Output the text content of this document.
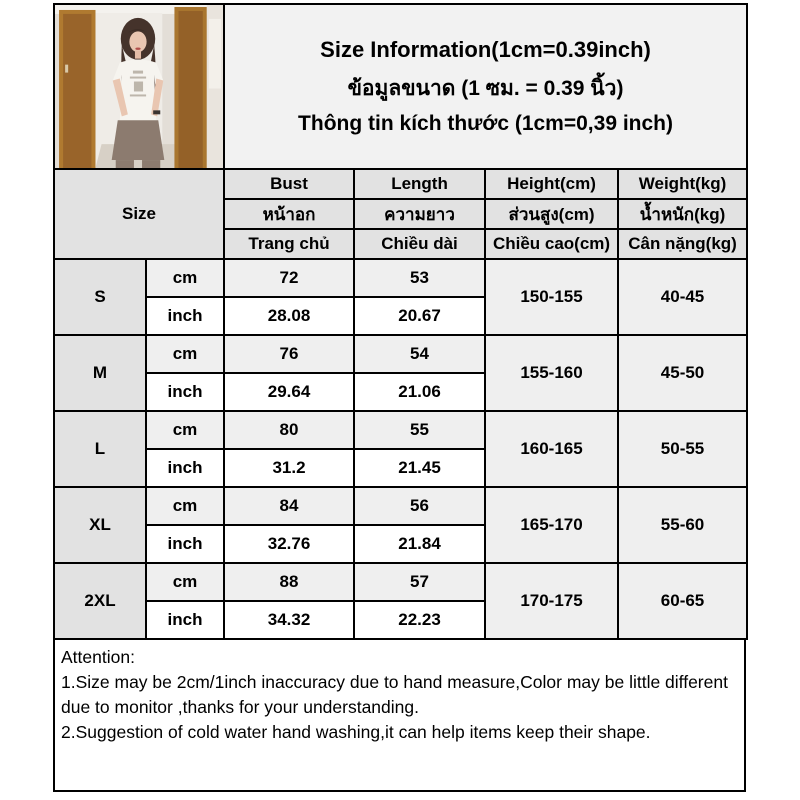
Size Information(1cm=0.39inch)
ข้อมูลขนาด (1 ซม. = 0.39 นิ้ว)
Thông tin kích thước (1cm=0,39 inch)			

Size		Bust	Length	Height(cm)	Weight(kg)
		หน้าอก	ความยาว	ส่วนสูง(cm)	น้ำหนัก(kg)
		Trang chủ	Chiều dài	Chiều cao(cm)	Cân nặng(kg)
S	cm	72	53	150-155	40-45
	inch	28.08	20.67		
M	cm	76	54	155-160	45-50
	inch	29.64	21.06		
L	cm	80	55	160-165	50-55
	inch	31.2	21.45		
XL	cm	84	56	165-170	55-60
	inch	32.76	21.84		
2XL	cm	88	57	170-175	60-65
	inch	34.32	22.23		
Attention:
1.Size may be 2cm/1inch inaccuracy due to hand measure,Color may be little different due to monitor ,thanks for your understanding.
2.Suggestion of cold water hand washing,it can help items keep their shape.
